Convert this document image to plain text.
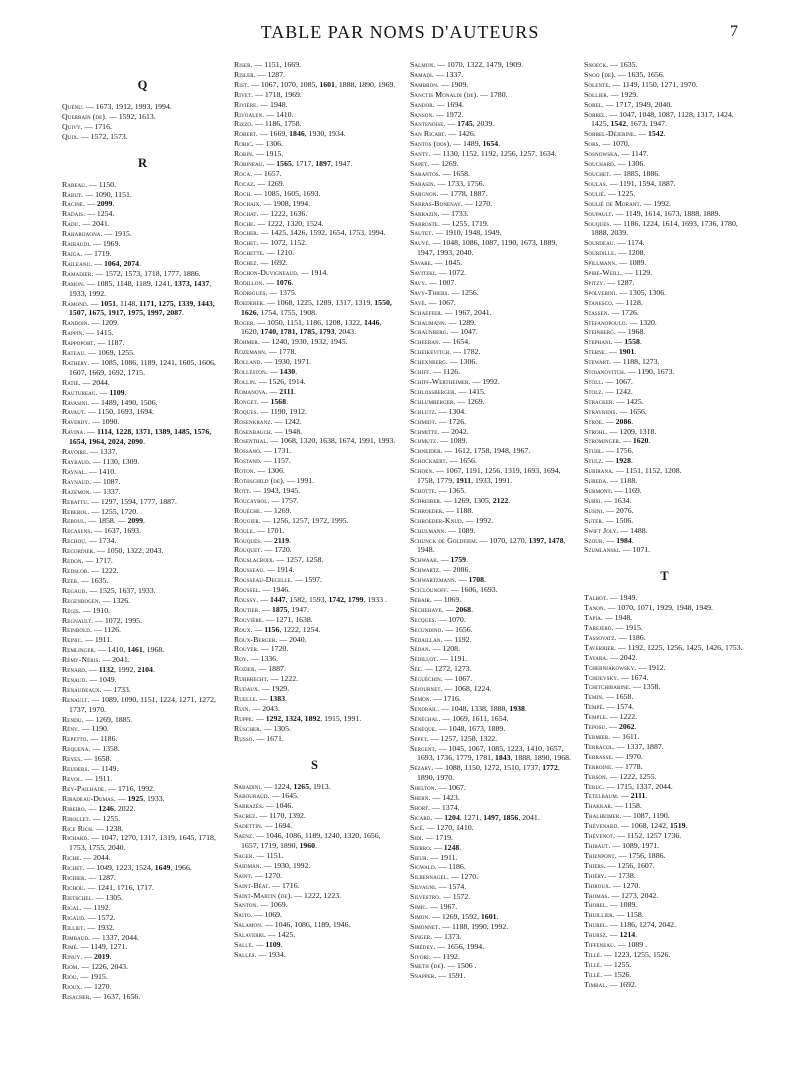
TABLE PAR NOMS D'AUTEURS	7
Q
Quénu. — 1673, 1912, 1993, 1994.
Querrain (de). — 1592, 1613.
Quivy. — 1716.
Quix. — 1572, 1573.
R
Rabeau. — 1150.
Rabut. — 1090, 1151.
Racine. — 2099.
Radais. — 1254.
Radu. — 2041.
Raharijaona. — 1915.
Raibaudi. — 1969.
Raiga. — 1719.
Raileanu. — 1064, 2074.
Ramadier. — 1572, 1573, 1718, 1777, 1886.
Ramon. — 1085, 1148, 1189, 1241, 1373, 1437, 1933, 1992.
Ramond. — 1051, 1148, 1171, 1275, 1339, 1443, 1507, 1675, 1917, 1975, 1997, 2087.
Randoin. — 1209.
Rappin. — 1415.
Rappoport. — 1187.
Rateau. — 1069, 1255.
Rathery. — 1085, 1086, 1189, 1241, 1605, 1606, 1607, 1669, 1692, 1715.
Ratié. — 2044.
Rautureau. — 1109.
Ravasini. — 1489, 1490, 1506.
Ravaut. — 1150, 1693, 1694.
Raverdy. — 1090.
Ravina. — 1114, 1228, 1371, 1389, 1485, 1576, 1654, 1964, 2024, 2090.
Ravoire. — 1337.
Raybaud. — 1130, 1309.
Raynal. — 1410.
Raynaud. — 1087.
Razemon. — 1337.
Rebattu. — 1297, 1594, 1777, 1887.
Reberol. — 1255, 1720.
Reboul. — 1858. — 2099.
Recasens. — 1637, 1693.
Rechou. — 1734.
Recordier. — 1050, 1322, 2043.
Redon. — 1717.
Redslob. — 1222.
Reeb. — 1635.
Regaud. — 1525, 1637, 1933.
Regenbogen. — 1326.
Régis. — 1910.
Regnault. — 1072, 1995.
Reinbold. — 1126.
Reinic. — 1911.
Remlinger. — 1410, 1461, 1968.
Rémy-Néris. — 2041.
Renard. — 1132, 1992, 2104.
Renaud. — 1049.
Renaudeaux. — 1733.
Renault. — 1089, 1090, 1151, 1224, 1271, 1272, 1737, 1970.
Rendu. — 1269, 1885.
Rény. — 1190.
Repetto. — 1186.
Requena. — 1358.
Reyes. — 1658.
Reuders. — 1149.
Revol. — 1911.
Rey-Pailhade. — 1716, 1992.
Ribadeau-Dumas. — 1925, 1933.
Ribeiro. — 1246, 2022.
Ribollet. — 1255.
Rice Rich. — 1238.
Richard. — 1047, 1270, 1317, 1319, 1645, 1718, 1753, 1755, 2040.
Riche. — 2044.
Richet. — 1049, 1223, 1524, 1649, 1966.
Richier. — 1287.
Richou. — 1241, 1716, 1717.
Rietschel. — 1305.
Rigal. — 1192.
Rigaud. — 1572.
Rilliet. — 1932.
Rimbaud. — 1337, 2044.
Rimé. — 1149, 1271.
Rinuy. — 2019.
Riom. — 1226, 2043.
Riou. — 1915.
Rioux. — 1270.
Risacher. — 1637, 1656.
Riser. — 1151, 1669.
Risler. — 1287.
Rist. — 1067, 1070, 1085, 1601, 1888, 1890, 1969.
Rivet. — 1718, 1969.
Rivière. — 1948.
Rivoalen. — 1410.
Rizzo. — 1186, 1758.
Robert. — 1669, 1846, 1930, 1934.
Robic. — 1306.
Robin. — 1915.
Robineau. — 1565, 1717, 1897, 1947.
Roca. — 1657.
Rocaz. — 1269.
Roch. — 1085, 1605, 1693.
Rochaix. — 1908, 1994.
Rochat. — 1222, 1636.
Roche. — 1222, 1320, 1524.
Rocher. — 1425, 1426, 1592, 1654, 1753, 1994.
Rochet. — 1072, 1152.
Rochette. — 1210.
Rochez. — 1692.
Rochon-Duvigneaud. — 1914.
Rodillon. — 1076.
Rodrigues. — 1375.
Roederer. — 1068, 1225, 1289, 1317, 1319, 1550, 1626, 1754, 1755, 1908.
Roger. — 1050, 1151, 1186, 1208, 1322, 1446, 1620, 1740, 1781, 1785, 1793, 2043.
Rohmer. — 1240, 1930, 1932, 1945.
Rozemann. — 1778.
Rolland. — 1930, 1971.
Rolleston. — 1430.
Rollin. — 1526, 1914.
Romanova. — 2111.
Ronget. — 1568.
Roques. — 1190, 1912.
Rosenkranz. — 1242.
Rosenbauch. — 1948.
Rosenthal. — 1068, 1320, 1638, 1674, 1991, 1993.
Rossano. — 1731.
Rostand. — 1157.
Roton. — 1306.
Rothschild (de). — 1991.
Rott. — 1943, 1945.
Roucayrol. — 1757.
Rouèche. — 1269.
Rougier. — 1256, 1257, 1972, 1995.
Roule. — 1701.
Rouquès. — 2119.
Rouquet. — 1720.
Rouslacroix. — 1257, 1258.
Rousseau. — 1914.
Rousseau-Decelle. — 1597.
Roussel. — 1946.
Roussy. — 1447, 1582, 1593, 1742, 1799, 1933 .
Routier. — 1875, 1947.
Rouvière. — 1271, 1638.
Roux. — 1156, 1222, 1254.
Roux-Berger. — 2040.
Rouyer. — 1720.
Roy. — 1336.
Rozier. — 1887.
Rubbrecht. — 1222.
Rudaux. — 1929.
Ruelle. — 1383.
Ruin. — 2043.
Ruppe. — 1292, 1324, 1892, 1915, 1991.
Rüscher. — 1305.
Russo. — 1671.
S
Sabadini. — 1224, 1265, 1913.
Sabouraud. — 1645.
Sabrazès. — 1046.
Sacrez. — 1170, 1392.
Sadettin. — 1694.
Saenz. — 1046, 1086, 1189, 1240, 1320, 1656, 1657, 1719, 1890, 1960.
Sager. — 1151.
Saidman. — 1930, 1992.
Saint. — 1270.
Saint-Béat. — 1716.
Saint-Martin (de). — 1222, 1223.
Santon. — 1069.
Saito. — 1069.
Salamon. — 1046, 1086, 1189, 1946.
Salaverri. — 1425.
Sallé. — 1109.
Salles. — 1934.
Salmon. — 1070, 1322, 1479, 1909.
Samadi. — 1337.
Sambron. — 1909.
Sanctis Monaldi (de). — 1780.
Sandor. — 1694.
Sanson. — 1972.
Santenoise. — 1745, 2039.
San Ricart. — 1426.
Santos (dos). — 1489, 1654.
Santy. — 1130, 1152, 1192, 1256, 1257, 1634.
Sapet. — 1269.
Sarantos. — 1658.
Sarasin. — 1733, 1756.
Sargnon. — 1778, 1887.
Sarras-Bonenay. — 1270.
Sarrazin. — 1733.
Sarroste. — 1255, 1719.
Sautet. — 1910, 1948, 1949.
Sauvé. — 1048, 1086, 1087, 1190, 1673, 1889, 1947, 1993, 2040.
Savare. — 1045.
Savitzki. — 1072.
Savy. — 1007.
Savy-Thiers. — 1256.
Sayé. — 1067.
Schaeffer. — 1967, 2041.
Schaumann. — 1289.
Schaunberg. — 1047.
Scheeran. — 1654.
Scheikevitch. — 1782.
Schexnberg. — 1306.
Schiff. — 1126.
Schiff-Wertheimer. — 1992.
Schlossberger. — 1415.
Schlumberger. — 1269.
Schlutz. — 1304.
Schmidt. — 1726.
Schmitte. — 2042.
Schmutz. — 1089.
Schneider. — 1612, 1758, 1948, 1967.
Schockaert. — 1656.
Schoen. — 1067, 1191, 1256, 1319, 1693, 1694, 1758, 1779, 1911, 1933, 1991.
Schotte. — 1365.
Schreiber. — 1269, 1305, 2122.
Schroeder. — 1188.
Schroeder-Knud. — 1992.
Schulmann. — 1089.
Schunck de Goldfiem. — 1070, 1270, 1397, 1478, 1948.
Schwaab. — 1759.
Schwartz. — 2086.
Schwartzmann. — 1708.
Sciclounoff. — 1606, 1693.
Sébair. — 1069.
Séchehaye. — 2068.
Secques. — 1070.
Secundino. — 1656.
Sédaillan. — 1192.
Sédan. — 1208.
Sédillot. — 1191.
Sée. — 1272, 1273.
Séguéchin. — 1067.
Séjournet. — 1068, 1224.
Semon. — 1716.
Sendrail. — 1048, 1338, 1888, 1938.
Sénéchal. — 1069, 1611, 1654.
Sénèque. — 1048, 1673, 1889.
Sepet. — 1257, 1258, 1322.
Sergent. — 1045, 1067, 1085, 1223, 1410, 1657, 1693, 1736, 1779, 1781, 1843, 1888, 1890, 1968.
Sézary. — 1088, 1150, 1272, 1510, 1737, 1772, 1890, 1970.
Shelton. — 1067.
Shern. — 1423.
Short. — 1374.
Sicard. — 1204, 1271, 1497, 1856, 2041.
Sicé. — 1270, 1410.
Sidi. — 1719.
Sierro. — 1248.
Sieur. — 1911.
Sigwald. — 1186.
Silbernagel. — 1270.
Silvagni. — 1574.
Silvestro. — 1572.
Simic. — 1967.
Simon. — 1269, 1592, 1601.
Simonnet. — 1188, 1990, 1992.
Singer. — 1373.
Sirédey. — 1656, 1994.
Sivori. — 1192.
Smeth (de). — 1506 .
Snapper. — 1591.
Snoeck. — 1635.
Snoo (de). — 1635, 1656.
Solente. — 1149, 1150, 1271, 1970.
Sollier. — 1929.
Sorel. — 1717, 1949, 2040.
Sorrel. — 1047, 1048, 1087, 1128, 1317, 1424, 1425, 1542, 1673, 1947.
Sorrel-Déjerine. — 1542.
Sors. — 1070.
Sosnowska. — 1147.
Souchard. — 1306.
Souchet. — 1885, 1886.
Soulas. — 1191, 1594, 1887.
Soulié. — 1225.
Soulié de Morant. — 1992.
Soupault. — 1149, 1614, 1673, 1888, 1889.
Souques. — 1186, 1224, 1614, 1693, 1736, 1780, 1888, 2039.
Sourdeau. — 1174.
Sourdille. — 1208.
Spillmann. — 1089.
Spire-Weill. — 1129.
Spitzy. — 1287.
Spolverini. — 1305, 1306.
Stanesco. — 1128.
Stassen. — 1726.
Stefanopoulo. — 1320.
Steinberg. — 1968.
Stephani. — 1558.
Sterne. — 1901.
Stewart. — 1188, 1273.
Stoianovitch. — 1190, 1673.
Stoll. — 1067.
Stolz. — 1242.
Stracker. — 1425.
Strayridis. — 1656.
Stroe. — 2086.
Strohl. — 1209, 1318.
Strominger. — 1620.
Stuhl. — 1756.
Stulz. — 1928.
Subirana. — 1151, 1152, 1208.
Sureda. — 1188.
Surmont. — 1169.
Sursi. — 1634.
Susini. — 2076.
Suter. — 1506.
Swift Joly. — 1488.
Szour. — 1984.
Szumlanski. — 1071.
T
Talbot. — 1949.
Tanon. — 1070, 1071, 1929, 1948, 1949.
Tapia. — 1948.
Tarejero. — 1915.
Tassovatz. — 1186.
Taverrier. — 1192, 1225, 1256, 1425, 1426, 1753.
Tayara. — 2042.
Tcherniakowsky. — 1912.
Tchijevsky. — 1674.
Tchitchibabine. — 1358.
Temin. — 1658.
Tempé. — 1574.
Temple. — 1222.
Teposu. — 2062.
Termier. — 1611.
Terracol. — 1337, 1887.
Terrasse. — 1970.
Terroine. — 1778.
Terson. — 1222, 1255.
Teruc. — 1715, 1337, 2044.
Tetelbaum. — 2111.
Thakkar. — 1158.
Thalheimer. — 1087, 1190.
Thévenard. — 1068, 1242, 1519.
Thévenot. — 1152, 1257 1736.
Thibaut. — 1089, 1971.
Thienpont. — 1756, 1886.
Thiers. — 1256, 1607.
Thiéry. — 1738.
Thiroux. — 1270.
Thomas. — 1273, 2042.
Thorel. — 1089.
Thuillier. — 1158.
Thurel. — 1186, 1274, 2042.
Thursz. — 1214.
Tiffeneau. — 1089 .
Tillé. — 1223, 1255, 1526.
Tillé. — 1255.
Tillé. — 1526.
Timbal. — 1692.
